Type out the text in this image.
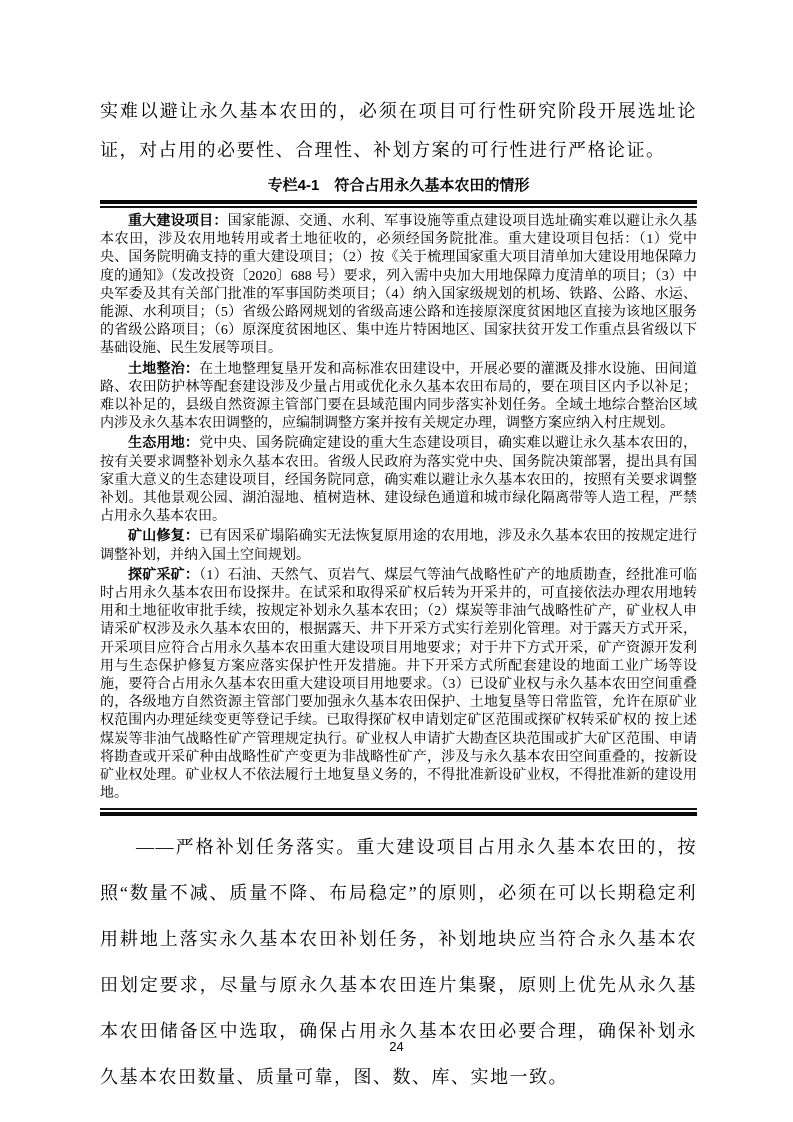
实难以避让永久基本农田的，必须在项目可行性研究阶段开展选址论证，对占用的必要性、合理性、补划方案的可行性进行严格论证。

专栏4-1　符合占用永久基本农田的情形

重大建设项目：国家能源、交通、水利、军事设施等重点建设项目选址确实难以避让永久基本农田，涉及农用地转用或者土地征收的，必须经国务院批准。重大建设项目包括：（1）党中央、国务院明确支持的重大建设项目；（2）按《关于梳理国家重大项目清单加大建设用地保障力度的通知》（发改投资〔2020〕688 号）要求，列入需中央加大用地保障力度清单的项目；（3）中央军委及其有关部门批准的军事国防类项目；（4）纳入国家级规划的机场、铁路、公路、水运、能源、水利项目；（5）省级公路网规划的省级高速公路和连接原深度贫困地区直接为该地区服务的省级公路项目；（6）原深度贫困地区、集中连片特困地区、国家扶贫开发工作重点县省级以下基础设施、民生发展等项目。

土地整治：在土地整理复垦开发和高标准农田建设中，开展必要的灌溉及排水设施、田间道路、农田防护林等配套建设涉及少量占用或优化永久基本农田布局的，要在项目区内予以补足；难以补足的，县级自然资源主管部门要在县域范围内同步落实补划任务。全域土地综合整治区域内涉及永久基本农田调整的，应编制调整方案并按有关规定办理，调整方案应纳入村庄规划。

生态用地：党中央、国务院确定建设的重大生态建设项目，确实难以避让永久基本农田的，按有关要求调整补划永久基本农田。省级人民政府为落实党中央、国务院决策部署，提出具有国家重大意义的生态建设项目，经国务院同意，确实难以避让永久基本农田的，按照有关要求调整补划。其他景观公园、湖泊湿地、植树造林、建设绿色通道和城市绿化隔离带等人造工程，严禁占用永久基本农田。

矿山修复：已有因采矿塌陷确实无法恢复原用途的农用地，涉及永久基本农田的按规定进行调整补划，并纳入国土空间规划。

探矿采矿：（1）石油、天然气、页岩气、煤层气等油气战略性矿产的地质勘查，经批准可临时占用永久基本农田布设探井。在试采和取得采矿权后转为开采井的，可直接依法办理农用地转用和土地征收审批手续，按规定补划永久基本农田；（2）煤炭等非油气战略性矿产，矿业权人申请采矿权涉及永久基本农田的，根据露天、井下开采方式实行差别化管理。对于露天方式开采，开采项目应符合占用永久基本农田重大建设项目用地要求；对于井下方式开采，矿产资源开发利用与生态保护修复方案应落实保护性开发措施。井下开采方式所配套建设的地面工业广场等设施，要符合占用永久基本农田重大建设项目用地要求。（3）已设矿业权与永久基本农田空间重叠的，各级地方自然资源主管部门要加强永久基本农田保护、土地复垦等日常监管，允许在原矿业权范围内办理延续变更等登记手续。已取得探矿权申请划定矿区范围或探矿权转采矿权的 按上述煤炭等非油气战略性矿产管理规定执行。矿业权人申请扩大勘查区块范围或扩大矿区范围、申请将勘查或开采矿种由战略性矿产变更为非战略性矿产，涉及与永久基本农田空间重叠的，按新设矿业权处理。矿业权人不依法履行土地复垦义务的，不得批准新设矿业权，不得批准新的建设用地。

——严格补划任务落实。重大建设项目占用永久基本农田的，按照“数量不减、质量不降、布局稳定”的原则，必须在可以长期稳定利用耕地上落实永久基本农田补划任务，补划地块应当符合永久基本农田划定要求，尽量与原永久基本农田连片集聚，原则上优先从永久基本农田储备区中选取，确保占用永久基本农田必要合理，确保补划永久基本农田数量、质量可靠，图、数、库、实地一致。

24
